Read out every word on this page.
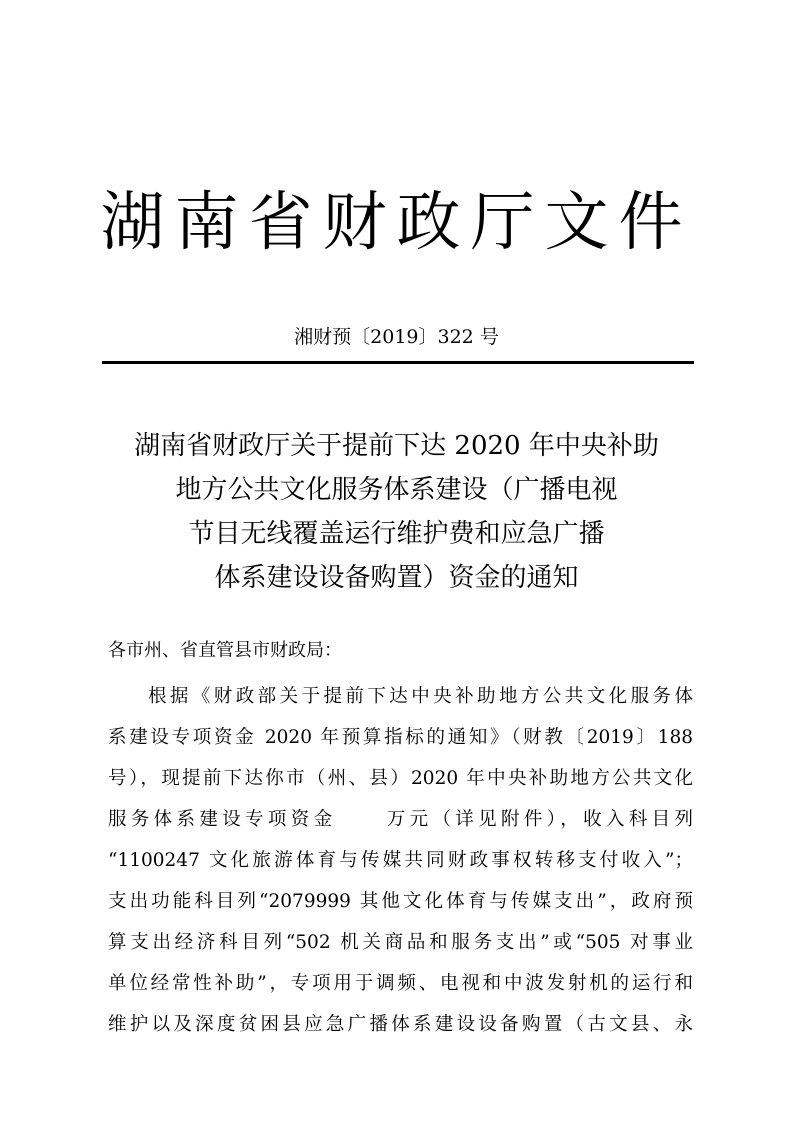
湖南省财政厅文件
湘财预〔2019〕322 号
湖南省财政厅关于提前下达 2020 年中央补助
地方公共文化服务体系建设（广播电视
节目无线覆盖运行维护费和应急广播
体系建设设备购置）资金的通知
各市州、省直管县市财政局：
根据《财政部关于提前下达中央补助地方公共文化服务体
系建设专项资金 2020 年预算指标的通知》（财教〔2019〕188
号），现提前下达你市（州、县）2020 年中央补助地方公共文化
服务体系建设专项资金 万元（详见附件），收入科目列
“1100247 文化旅游体育与传媒共同财政事权转移支付收入”；
支出功能科目列“2079999 其他文化体育与传媒支出”，政府预
算支出经济科目列“502 机关商品和服务支出”或“505 对事业
单位经常性补助”，专项用于调频、电视和中波发射机的运行和
维护以及深度贫困县应急广播体系建设设备购置（古文县、永
